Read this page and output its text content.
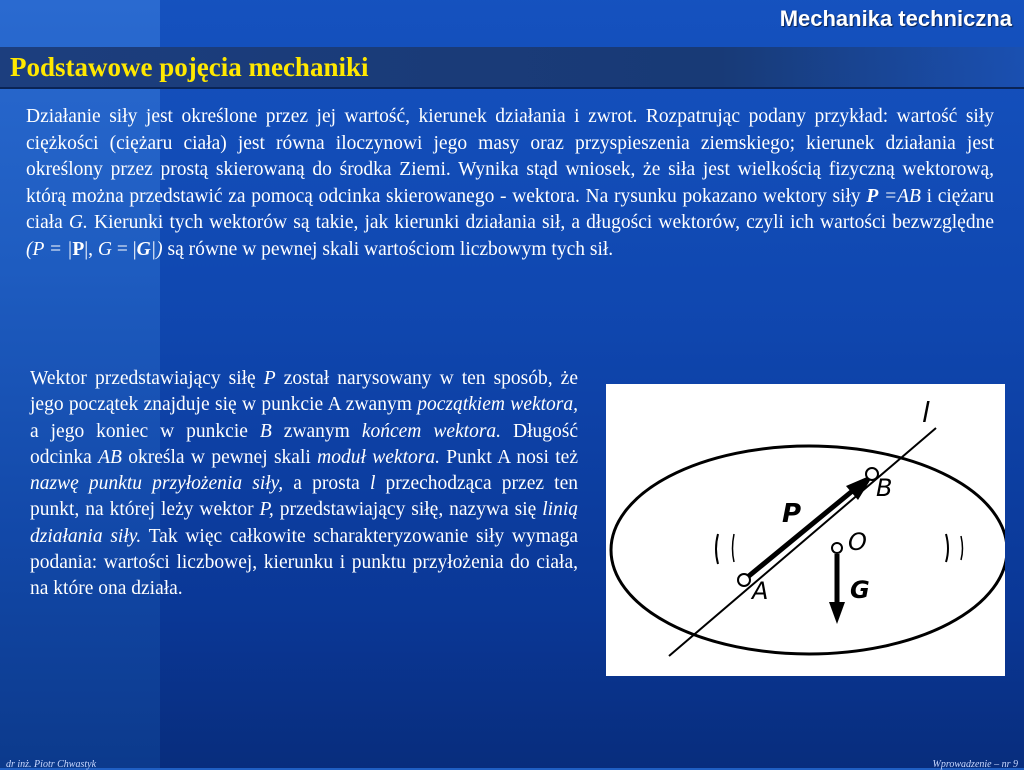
Mechanika techniczna
Podstawowe pojęcia mechaniki
Działanie siły jest określone przez jej wartość, kierunek działania i zwrot. Rozpatrując podany przykład: wartość siły ciężkości (ciężaru ciała) jest równa iloczynowi jego masy oraz przyspieszenia ziemskiego; kierunek działania jest określony przez prostą skierowaną do środka Ziemi. Wynika stąd wniosek, że siła jest wielkością fizyczną wektorową, którą można przedstawić za pomocą odcinka skierowanego - wektora. Na rysunku pokazano wektory siły P =AB i ciężaru ciała G. Kierunki tych wektorów są takie, jak kierunki działania sił, a długości wektorów, czyli ich wartości bezwzględne (P = |P|, G = |G|) są równe w pewnej skali wartościom liczbowym tych sił.
Wektor przedstawiający siłę P został narysowany w ten sposób, że jego początek znajduje się w punkcie A zwanym początkiem wektora, a jego koniec w punkcie B zwanym końcem wektora. Długość odcinka AB określa w pewnej skali moduł wektora. Punkt A nosi też nazwę punktu przyłożenia siły, a prosta l przechodząca przez ten punkt, na której leży wektor P, przedstawiający siłę, nazywa się linią działania siły. Tak więc całkowite scharakteryzowanie siły wymaga podania: wartości liczbowej, kierunku i punktu przyłożenia do ciała, na które ona działa.
l
B
P
O
A	G
dr inż. Piotr Chwastyk	Wprowadzenie – nr 9
